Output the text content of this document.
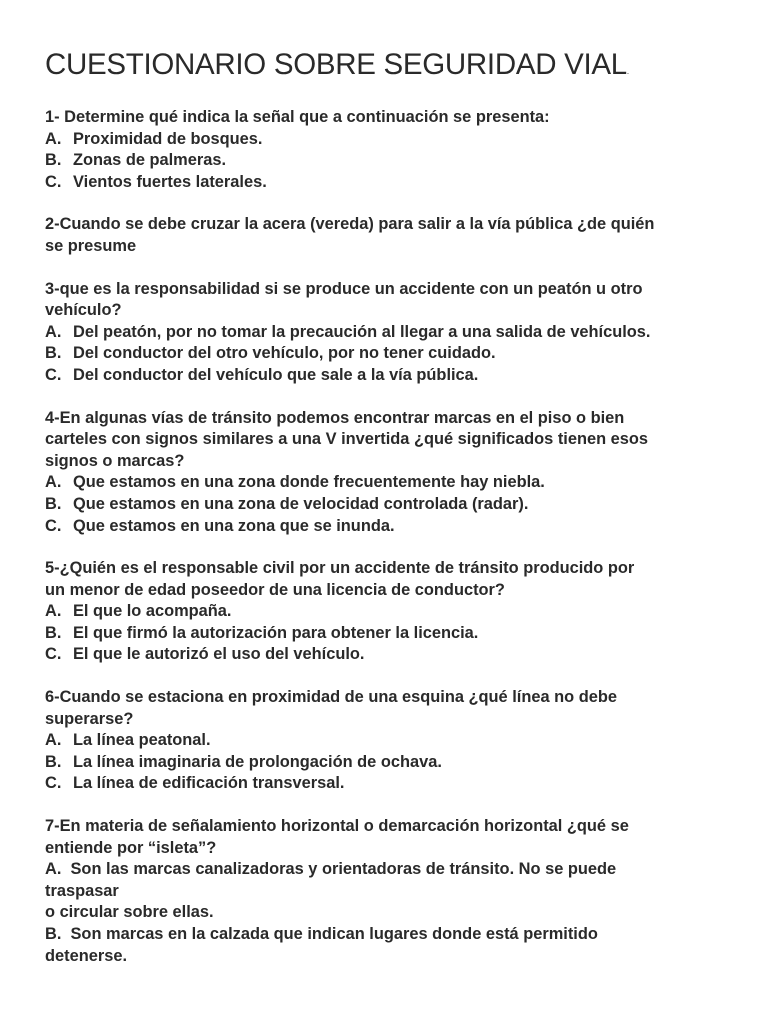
CUESTIONARIO SOBRE SEGURIDAD VIAL.
1- Determine qué indica la señal que a continuación se presenta:
A. Proximidad de bosques.
B. Zonas de palmeras.
C. Vientos fuertes laterales.
2-Cuando se debe cruzar la acera (vereda) para salir a la vía pública ¿de quién
se presume
3-que es la responsabilidad si se produce un accidente con un peatón u otro
vehículo?
A. Del peatón, por no tomar la precaución al llegar a una salida de vehículos.
B. Del conductor del otro vehículo, por no tener cuidado.
C. Del conductor del vehículo que sale a la vía pública.
4-En algunas vías de tránsito podemos encontrar marcas en el piso o bien
carteles con signos similares a una V invertida ¿qué significados tienen esos
signos o marcas?
A. Que estamos en una zona donde frecuentemente hay niebla.
B. Que estamos en una zona de velocidad controlada (radar).
C. Que estamos en una zona que se inunda.
5-¿Quién es el responsable civil por un accidente de tránsito producido por
un menor de edad poseedor de una licencia de conductor?
A. El que lo acompaña.
B. El que firmó la autorización para obtener la licencia.
C. El que le autorizó el uso del vehículo.
6-Cuando se estaciona en proximidad de una esquina ¿qué línea no debe
superarse?
A. La línea peatonal.
B. La línea imaginaria de prolongación de ochava.
C. La línea de edificación transversal.
7-En materia de señalamiento horizontal o demarcación horizontal ¿qué se
entiende por “isleta”?
A.  Son las marcas canalizadoras y orientadoras de tránsito. No se puede
traspasar
o circular sobre ellas.
B.  Son marcas en la calzada que indican lugares donde está permitido
detenerse.
